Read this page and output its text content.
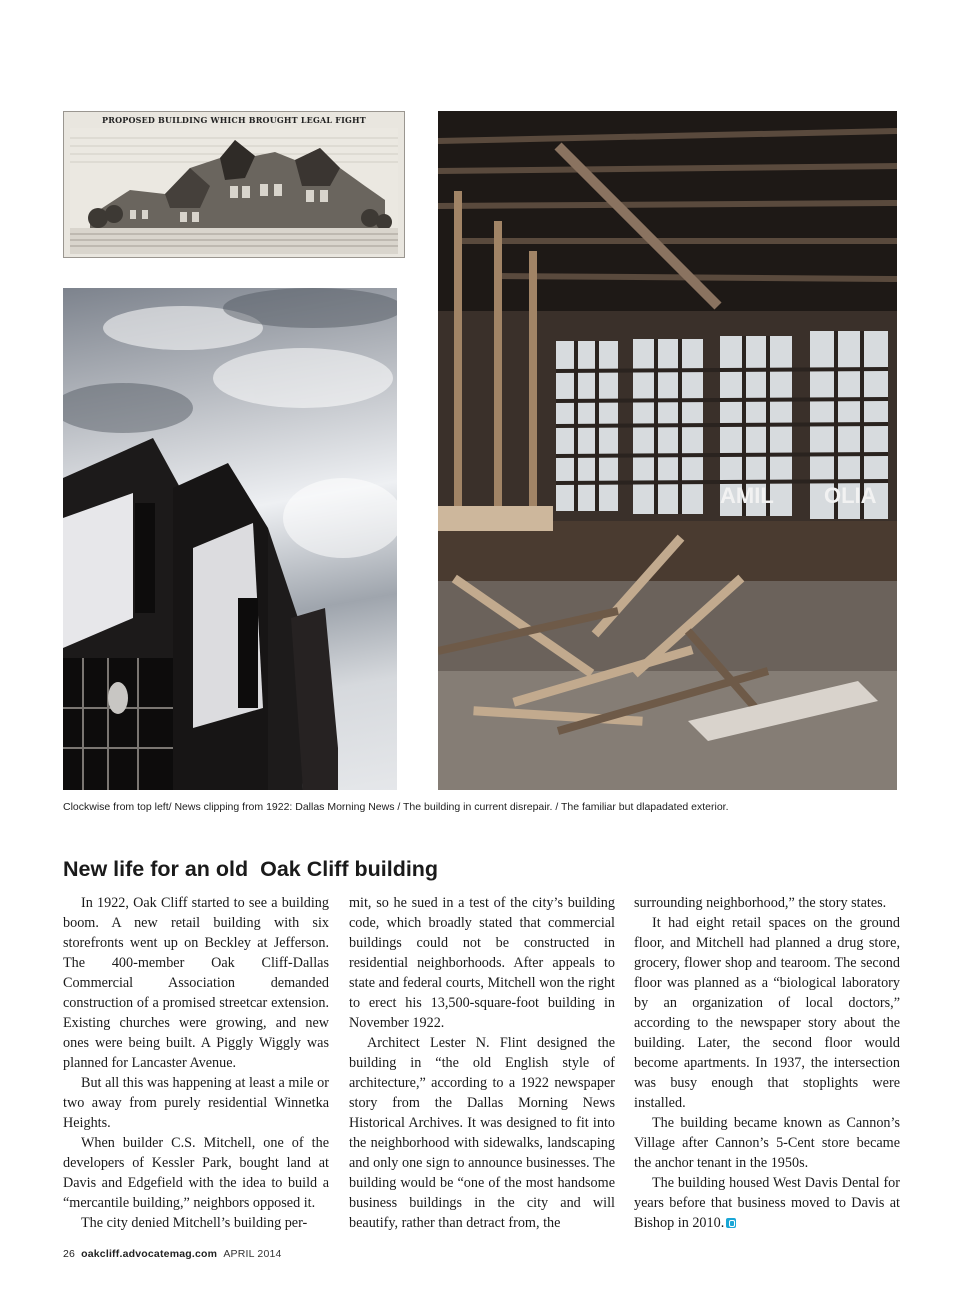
PROPOSED BUILDING WHICH BROUGHT LEGAL FIGHT
AMIL OLIA
Clockwise from top left/ News clipping from 1922: Dallas Morning News / The building in current disrepair. / The familiar but dlapadated exterior.
New life for an old  Oak Cliff building

In 1922, Oak Cliff started to see a building boom. A new retail building with six storefronts went up on Beckley at Jefferson. The 400-member Oak Cliff-Dallas Commercial Association demanded construction of a promised streetcar extension. Existing churches were growing, and new ones were being built. A Piggly Wiggly was planned for Lancaster Avenue.

But all this was happening at least a mile or two away from purely residential Winnetka Heights.

When builder C.S. Mitchell, one of the developers of Kessler Park, bought land at Davis and Edgefield with the idea to build a “mercantile building,” neighbors opposed it.

The city denied Mitchell’s building per-

mit, so he sued in a test of the city’s building code, which broadly stated that commercial buildings could not be constructed in residential neighborhoods. After appeals to state and federal courts, Mitchell won the right to erect his 13,500-square-foot building in November 1922.

Architect Lester N. Flint designed the building in “the old English style of architecture,” according to a 1922 newspaper story from the Dallas Morning News Historical Archives. It was designed to fit into the neighborhood with sidewalks, landscaping and only one sign to announce businesses. The building would be “one of the most handsome business buildings in the city and will beautify, rather than detract from, the

surrounding neighborhood,” the story states.

It had eight retail spaces on the ground floor, and Mitchell had planned a drug store, grocery, flower shop and tearoom. The second floor was planned as a “biological laboratory by an organization of local doctors,” according to the newspaper story about the building. Later, the second floor would become apartments. In 1937, the intersection was busy enough that stoplights were installed.

The building became known as Cannon’s Village after Cannon’s 5-Cent store became the anchor tenant in the 1950s.

The building housed West Davis Dental for years before that business moved to Davis at Bishop in 2010.

26 oakcliff.advocatemag.com APRIL 2014
